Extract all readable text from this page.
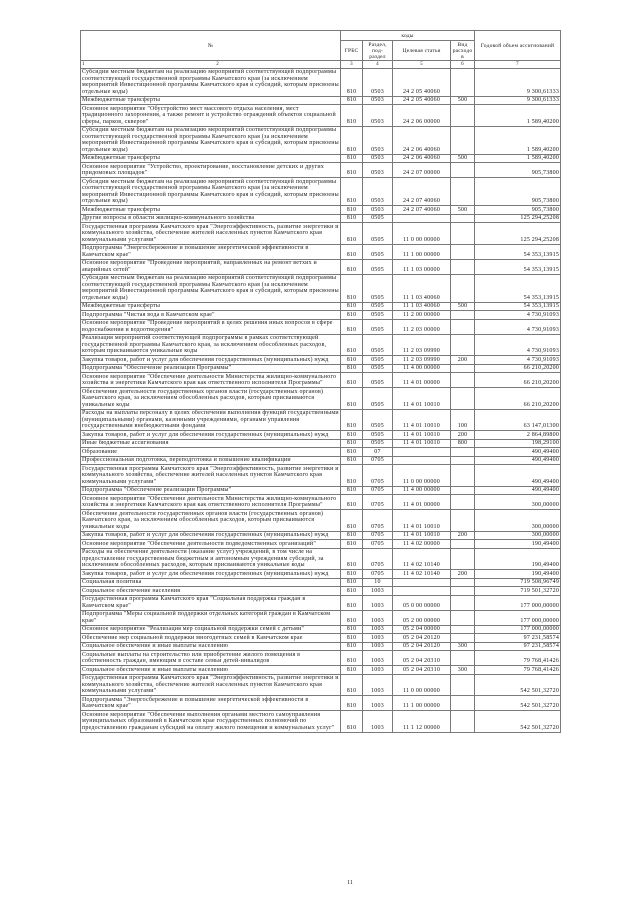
№	коды				Годовой объем ассигнований
	ГРБС	Раздел, под-раздел	Целевая статья	Вид расходов	

1 2	3	4	5	6	7
Субсидии местным бюджетам на реализацию мероприятий соответствующей подпрограммы соответствующей государственной программы Камчатского края (за исключением мероприятий Инвестиционной программы Камчатского края и субсидий, которым присвоены отдельные коды)	810	0503	24 2 05 40060		9 300,61333
Межбюджетные трансферты	810	0503	24 2 05 40060	500	9 300,61333
Основное мероприятие "Обустройство мест массового отдыха населения, мест традиционного захоронения, а также ремонт и устройство ограждений объектов социальной сферы, парков, скверов"	810	0503	24 2 06 00000		1 589,40200
Субсидии местным бюджетам на реализацию мероприятий соответствующей подпрограммы соответствующей государственной программы Камчатского края (за исключением мероприятий Инвестиционной программы Камчатского края и субсидий, которым присвоены отдельные коды)	810	0503	24 2 06 40060		1 589,40200
Межбюджетные трансферты	810	0503	24 2 06 40060	500	1 589,40200
Основное мероприятие "Устройство, проектирование, восстановление детских и других придомовых площадок"	810	0503	24 2 07 00000		905,73800
Субсидии местным бюджетам на реализацию мероприятий соответствующей подпрограммы соответствующей государственной программы Камчатского края (за исключением мероприятий Инвестиционной программы Камчатского края и субсидий, которым присвоены отдельные коды)	810	0503	24 2 07 40060		905,73800
Межбюджетные трансферты	810	0503	24 2 07 40060	500	905,73800
Другие вопросы в области жилищно-коммунального хозяйства	810	0505			125 294,25208
Государственная программа Камчатского края "Энергоэффективность, развитие энергетики и коммунального хозяйства, обеспечение жителей населенных пунктов Камчатского края коммунальными услугами"	810	0505	11 0 00 00000		125 294,25208
Подпрограмма "Энергосбережение и повышение энергетической эффективности в Камчатском крае"	810	0505	11 1 00 00000		54 353,13915
Основное мероприятие "Проведение мероприятий, направленных на ремонт ветхих и аварийных сетей"	810	0505	11 1 03 00000		54 353,13915
Субсидии местным бюджетам на реализацию мероприятий соответствующей подпрограммы соответствующей государственной программы Камчатского края (за исключением мероприятий Инвестиционной программы Камчатского края и субсидий, которым присвоены отдельные коды)	810	0505	11 1 03 40060		54 353,13915
Межбюджетные трансферты	810	0505	11 1 03 40060	500	54 353,13915
Подпрограмма "Чистая вода в Камчатском крае"	810	0505	11 2 00 00000		4 730,91093
Основное мероприятие "Проведение мероприятий в целях решения иных вопросов в сфере водоснабжения и водоотведения"	810	0505	11 2 03 00000		4 730,91093
Реализация мероприятий соответствующей подпрограммы в рамках соответствующей государственной программы Камчатского края, за исключением обособленных расходов, которым присваиваются уникальные коды	810	0505	11 2 03 09990		4 730,91093
Закупка товаров, работ и услуг для обеспечения государственных (муниципальных) нужд	810	0505	11 2 03 09990	200	4 730,91093
Подпрограмма "Обеспечение реализации Программы"	810	0505	11 4 00 00000		66 210,20200
Основное мероприятие "Обеспечение деятельности Министерства жилищно-коммунального хозяйства и энергетики Камчатского края как ответственного исполнителя Программы"	810	0505	11 4 01 00000		66 210,20200
Обеспечение деятельности государственных органов власти (государственных органов) Камчатского края, за исключением обособленных расходов, которым присваиваются уникальные коды	810	0505	11 4 01 10010		66 210,20200
Расходы на выплаты персоналу в целях обеспечения выполнения функций государственными (муниципальными) органами, казенными учреждениями, органами управления государственными внебюджетными фондами	810	0505	11 4 01 10010	100	63 147,01300
Закупка товаров, работ и услуг для обеспечения государственных (муниципальных) нужд	810	0505	11 4 01 10010	200	2 864,89800
Иные бюджетные ассигнования	810	0505	11 4 01 10010	800	198,29100
Образование	810	07			490,49400
Профессиональная подготовка, переподготовка и повышение квалификации	810	0705			490,49400
Государственная программа Камчатского края "Энергоэффективность, развитие энергетики и коммунального хозяйства, обеспечение жителей населенных пунктов Камчатского края коммунальными услугами"	810	0705	11 0 00 00000		490,49400
Подпрограмма "Обеспечение реализации Программы"	810	0705	11 4 00 00000		490,49400
Основное мероприятие "Обеспечение деятельности Министерства жилищно-коммунального хозяйства и энергетики Камчатского края как ответственного исполнителя Программы"	810	0705	11 4 01 00000		300,00000
Обеспечение деятельности государственных органов власти (государственных органов) Камчатского края, за исключением обособленных расходов, которым присваиваются уникальные коды	810	0705	11 4 01 10010		300,00000
Закупка товаров, работ и услуг для обеспечения государственных (муниципальных) нужд	810	0705	11 4 01 10010	200	300,00000
Основное мероприятие "Обеспечение деятельности подведомственных организаций"	810	0705	11 4 02 00000		190,49400
Расходы на обеспечение деятельности (оказание услуг) учреждений, в том числе на предоставление государственным бюджетным и автономным учреждениям субсидий, за исключением обособленных расходов, которым присваиваются уникальные коды	810	0705	11 4 02 10140		190,49400
Закупка товаров, работ и услуг для обеспечения государственных (муниципальных) нужд	810	0705	11 4 02 10140	200	190,49400
Социальная политика	810	10			719 508,96749
Социальное обеспечение населения	810	1003			719 501,32720
Государственная программа Камчатского края "Социальная поддержка граждан в Камчатском крае"	810	1003	05 0 00 00000		177 000,00000
Подпрограмма "Меры социальной поддержки отдельных категорий граждан в Камчатском крае"	810	1003	05 2 00 00000		177 000,00000
Основное мероприятие "Реализация мер социальной поддержки семей с детьми"	810	1003	05 2 04 00000		177 000,00000
Обеспечение мер социальной поддержки многодетных семей в Камчатском крае	810	1003	05 2 04 20120		97 231,58574
Социальное обеспечение и иные выплаты населению	810	1003	05 2 04 20120	300	97 231,58574
Социальные выплаты на строительство или приобретение жилого помещения в собственность граждан, имеющим в составе семьи детей-инвалидов	810	1003	05 2 04 20310		79 768,41426
Социальное обеспечение и иные выплаты населению	810	1003	05 2 04 20310	300	79 768,41426
Государственная программа Камчатского края "Энергоэффективность, развитие энергетики и коммунального хозяйства, обеспечение жителей населенных пунктов Камчатского края коммунальными услугами"	810	1003	11 0 00 00000		542 501,32720
Подпрограмма "Энергосбережение и повышение энергетической эффективности в Камчатском крае"	810	1003	11 1 00 00000		542 501,32720
Основное мероприятие "Обеспечение выполнения органами местного самоуправления муниципальных образований в Камчатском крае государственных полномочий по предоставлению гражданам субсидий на оплату жилого помещения и коммунальных услуг"	810	1003	11 1 12 00000		542 501,32720
11
